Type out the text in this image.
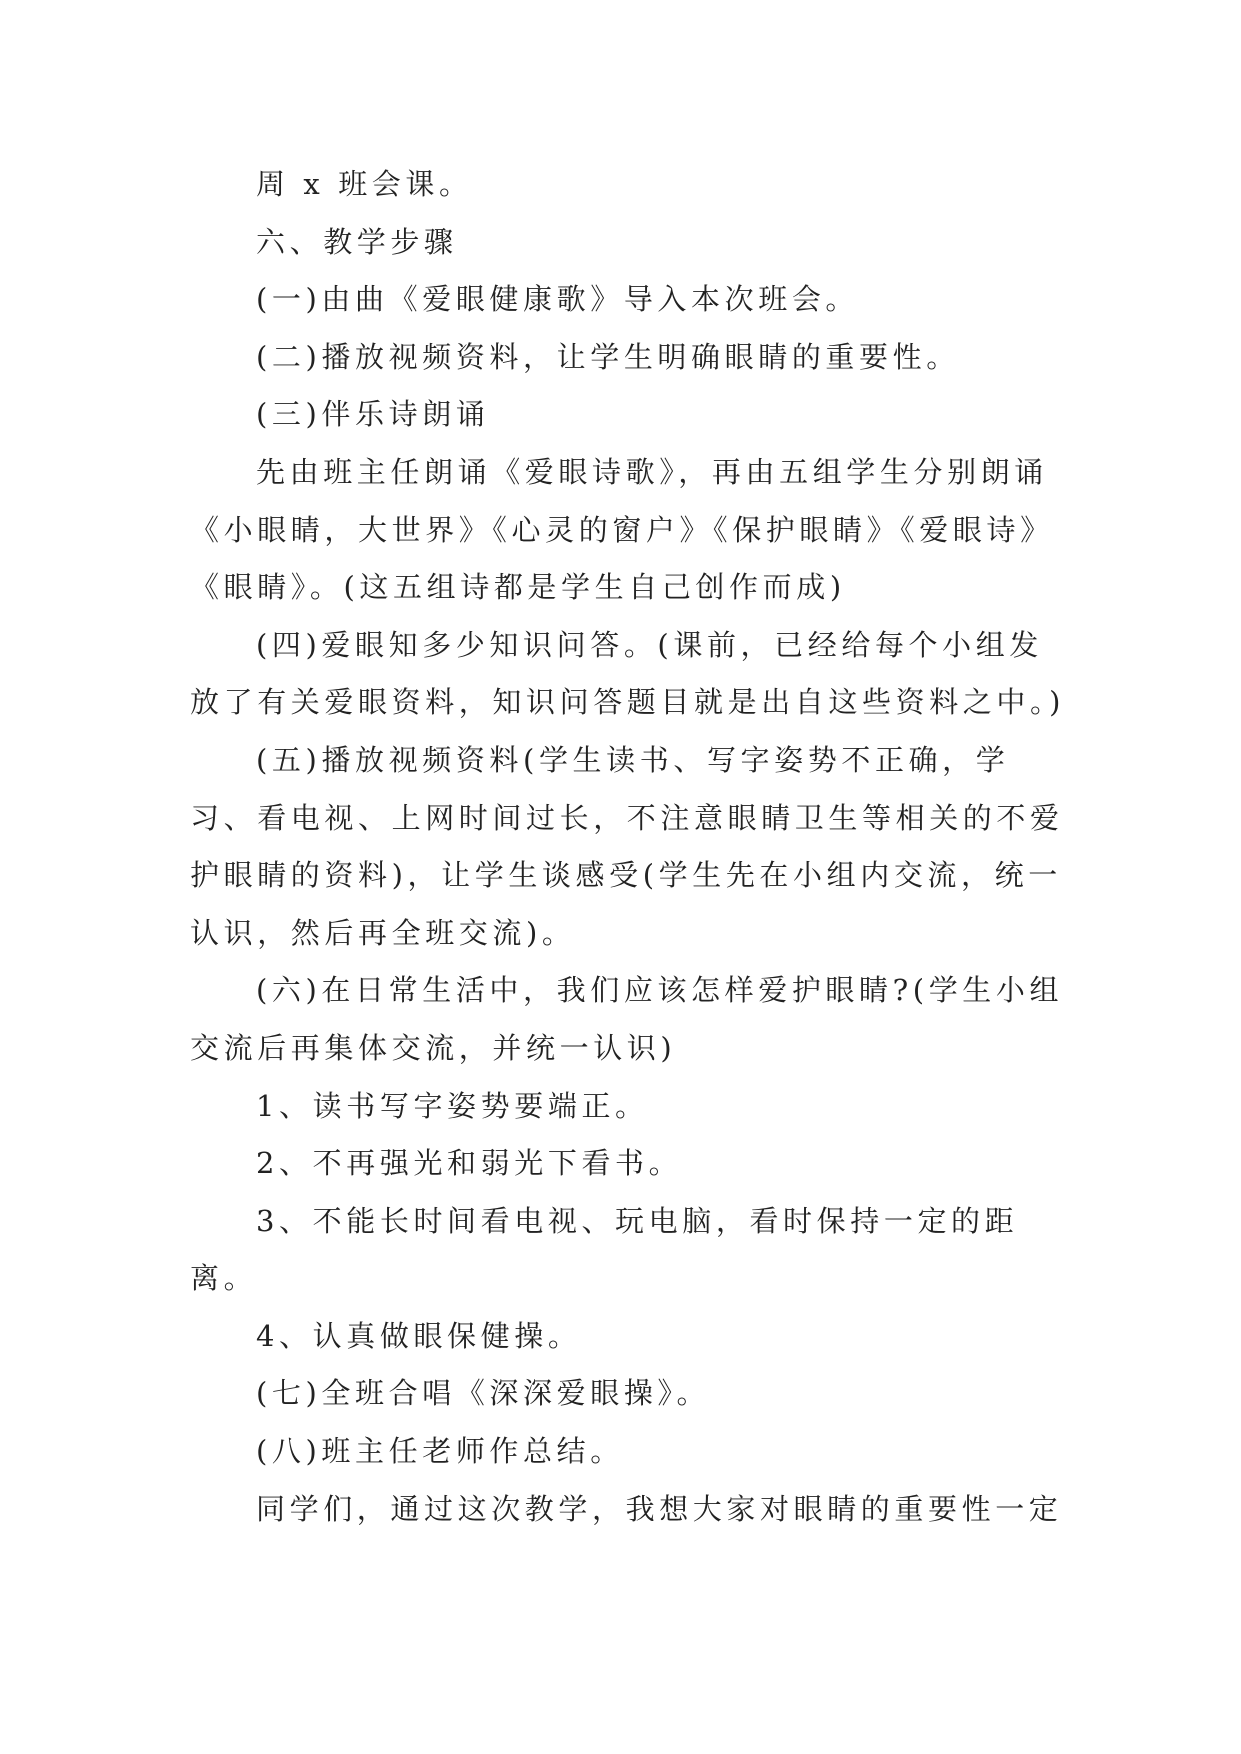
周 x 班会课。

六、教学步骤

(一)由曲《爱眼健康歌》导入本次班会。

(二)播放视频资料，让学生明确眼睛的重要性。

(三)伴乐诗朗诵

先由班主任朗诵《爱眼诗歌》，再由五组学生分别朗诵《小眼睛，大世界》《心灵的窗户》《保护眼睛》《爱眼诗》《眼睛》。(这五组诗都是学生自己创作而成)

(四)爱眼知多少知识问答。(课前，已经给每个小组发放了有关爱眼资料，知识问答题目就是出自这些资料之中。)

(五)播放视频资料(学生读书、写字姿势不正确，学习、看电视、上网时间过长，不注意眼睛卫生等相关的不爱护眼睛的资料)，让学生谈感受(学生先在小组内交流，统一认识，然后再全班交流)。

(六)在日常生活中，我们应该怎样爱护眼睛?(学生小组交流后再集体交流，并统一认识)

1、读书写字姿势要端正。

2、不再强光和弱光下看书。

3、不能长时间看电视、玩电脑，看时保持一定的距离。

4、认真做眼保健操。

(七)全班合唱《深深爱眼操》。

(八)班主任老师作总结。

同学们，通过这次教学，我想大家对眼睛的重要性一定
